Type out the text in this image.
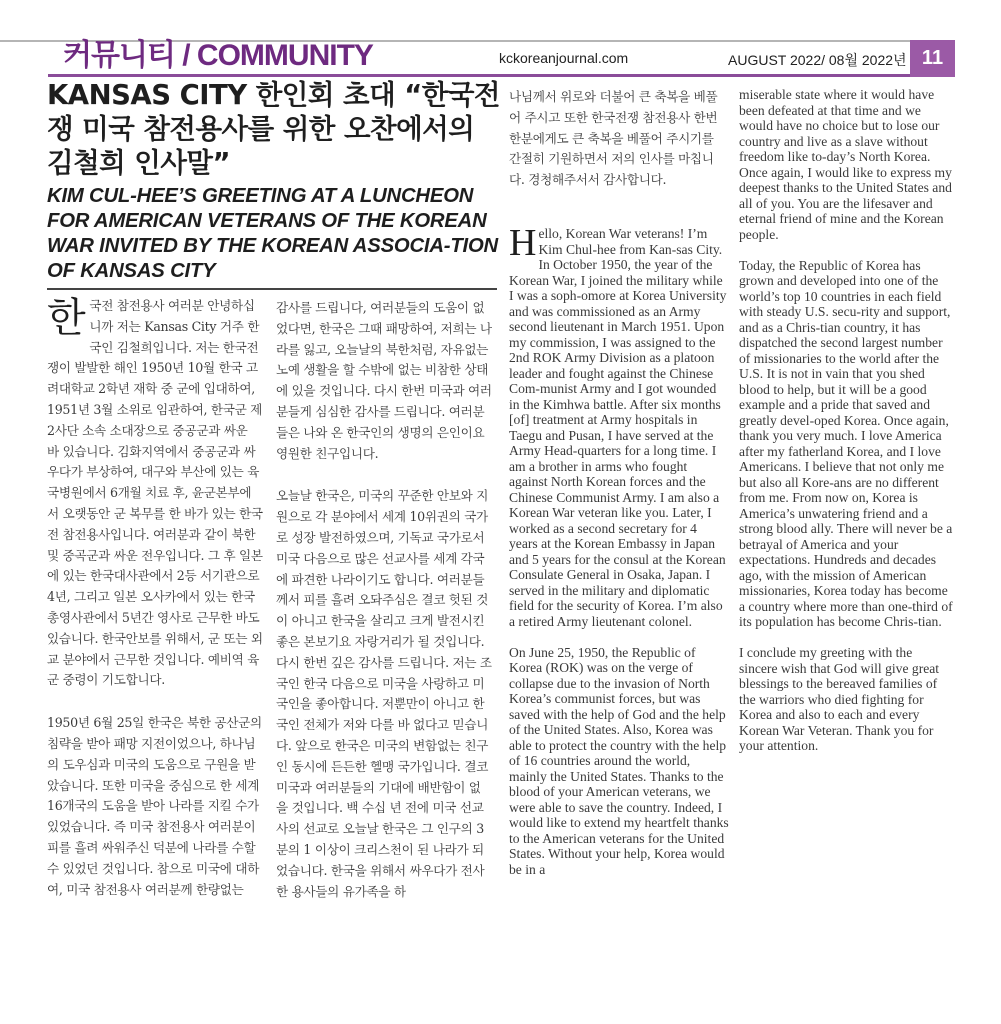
커뮤니티 / COMMUNITY	kckoreanjournal.com	AUGUST 2022/ 08월 2022년 11
KANSAS CITY 한인회 초대 “한국전쟁 미국 참전용사를 위한 오찬에서의 김철희 인사말”
KIM CUL-HEE’S GREETING AT A LUNCHEON FOR AMERICAN VETERANS OF THE KOREAN WAR INVITED BY THE KOREAN ASSOCIA-TION OF KANSAS CITY

한국전 참전용사 여러분 안녕하십니까 저는 Kansas City 거주 한국인 김철희입니다. 저는 한국전쟁이 발발한 해인 1950년 10월 한국 고려대학교 2학년 재학 중 군에 입대하여, 1951년 3월 소위로 임관하여, 한국군 제2사단 소속 소대장으로 중공군과 싸운 바 있습니다. 김화지역에서 중공군과 싸우다가 부상하여, 대구와 부산에 있는 육국병원에서 6개월 치료 후, 윤군본부에서 오랫동안 군 복무를 한 바가 있는 한국전 참전용사입니다. 여러분과 같이 북한 및 중곡군과 싸운 전우입니다. 그 후 일본에 있는 한국대사관에서 2등 서기관으로 4년, 그리고 일본 오사카에서 있는 한국 총영사관에서 5년간 영사로 근무한 바도 있습니다. 한국안보를 위해서, 군 또는 외교 분야에서 근무한 것입니다. 예비역 육군 중령이 기도합니다.

1950년 6월 25일 한국은 북한 공산군의 침략을 받아 패망 지전이었으나, 하나님의 도우심과 미국의 도움으로 구원을 받았습니다. 또한 미국을 중심으로 한 세계 16개국의 도움을 받아 나라를 지킬 수가 있었습니다. 즉 미국 참전용사 여러분이 피를 흘려 싸워주신 덕분에 나라를 수할 수 있었던 것입니다. 참으로 미국에 대하여, 미국 참전용사 여러분께 한량없는

감사를 드립니다, 여러분들의 도움이 없었다면, 한국은 그때 패망하여, 저희는 나라를 잃고, 오늘날의 북한처럼, 자유없는 노예 생활을 할 수밖에 없는 비참한 상태에 있을 것입니다. 다시 한번 미국과 여러분들게 심심한 감사를 드립니다. 여러분들은 나와 온 한국인의 생명의 은인이요 영원한 친구입니다.

오늘날 한국은, 미국의 꾸준한 안보와 지원으로 각 분야에서 세계 10위권의 국가로 성장 발전하였으며, 기독교 국가로서 미국 다음으로 많은 선교사를 세계 각국에 파견한 나라이기도 합니다. 여러분들께서 피를 흘려 오돠주심은 결코 헛된 것이 아니고 한국을 살리고 크게 발전시킨 좋은 본보기요 자랑거리가 될 것입니다. 다시 한번 깊은 감사를 드립니다. 저는 조국인 한국 다음으로 미국을 사랑하고 미국인을 좋아합니다. 저뿐만이 아니고 한국인 전체가 저와 다를 바 없다고 믿습니다. 앞으로 한국은 미국의 변함없는 친구인 동시에 든든한 헬맹 국가입니다. 결코 미국과 여러분들의 기대에 배반함이 없을 것입니다. 백 수십 년 전에 미국 선교사의 선교로 오늘날 한국은 그 인구의 3분의 1 이상이 크리스천이 된 나라가 되었습니다. 한국을 위해서 싸우다가 전사한 용사들의 유가족을 하

나님께서 위로와 더불어 큰 축복을 베풀어 주시고 또한 한국전쟁 참전용사 한번 한분에게도 큰 축복을 베풀어 주시기를 간절히 기원하면서 저의 인사를 마칩니다. 경청해주서서 감사합니다.

Hello, Korean War veterans! I’m Kim Chul-hee from Kan-sas City. In October 1950, the year of the Korean War, I joined the military while I was a soph-omore at Korea University and was commissioned as an Army second lieutenant in March 1951. Upon my commission, I was assigned to the 2nd ROK Army Division as a platoon leader and fought against the Chinese Com-munist Army and I got wounded in the Kimhwa battle. After six months [of] treatment at Army hospitals in Taegu and Pusan, I have served at the Army Head-quarters for a long time. I am a brother in arms who fought against North Korean forces and the Chinese Communist Army. I am also a Korean War veteran like you. Later, I worked as a second secretary for 4 years at the Korean Embassy in Japan and 5 years for the consul at the Korean Consulate General in Osaka, Japan. I served in the military and diplomatic field for the security of Korea. I’m also a retired Army lieutenant colonel.

On June 25, 1950, the Republic of Korea (ROK) was on the verge of collapse due to the invasion of North Korea’s communist forces, but was saved with the help of God and the help of the United States. Also, Korea was able to protect the country with the help of 16 countries around the world, mainly the United States. Thanks to the blood of your American veterans, we were able to save the country. Indeed, I would like to extend my heartfelt thanks to the American veterans for the United States. Without your help, Korea would be in a

miserable state where it would have been defeated at that time and we would have no choice but to lose our country and live as a slave without freedom like to-day’s North Korea. Once again, I would like to express my deepest thanks to the United States and all of you. You are the lifesaver and eternal friend of mine and the Korean people.

Today, the Republic of Korea has grown and developed into one of the world’s top 10 countries in each field with steady U.S. secu-rity and support, and as a Chris-tian country, it has dispatched the second largest number of missionaries to the world after the U.S. It is not in vain that you shed blood to help, but it will be a good example and a pride that saved and greatly devel-oped Korea. Once again, thank you very much. I love America after my fatherland Korea, and I love Americans. I believe that not only me but also all Kore-ans are no different from me. From now on, Korea is America’s unwatering friend and a strong blood ally. There will never be a betrayal of America and your expectations. Hundreds and decades ago, with the mission of American missionaries, Korea today has become a country where more than one-third of its population has become Chris-tian.

I conclude my greeting with the sincere wish that God will give great blessings to the bereaved families of the warriors who died fighting for Korea and also to each and every Korean War Veteran. Thank you for your attention.
